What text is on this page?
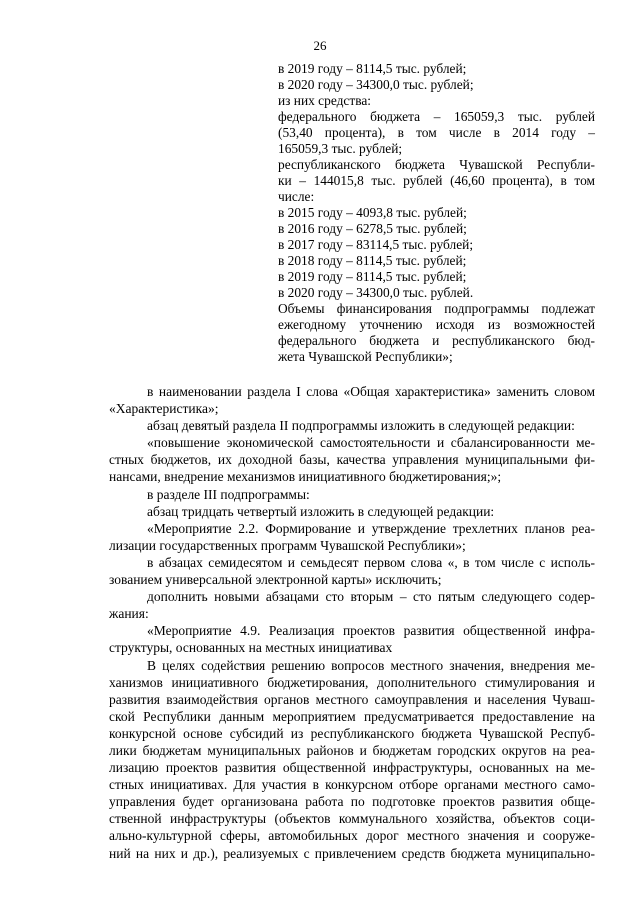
26
в 2019 году – 8114,5 тыс. рублей;
в 2020 году – 34300,0 тыс. рублей;
из них средства:
федерального бюджета – 165059,3 тыс. рублей
(53,40 процента), в том числе в 2014 году –
165059,3 тыс. рублей;
республиканского бюджета Чувашской Республи-
ки – 144015,8 тыс. рублей (46,60 процента), в том
числе:
в 2015 году – 4093,8 тыс. рублей;
в 2016 году – 6278,5 тыс. рублей;
в 2017 году – 83114,5 тыс. рублей;
в 2018 году – 8114,5 тыс. рублей;
в 2019 году – 8114,5 тыс. рублей;
в 2020 году – 34300,0 тыс. рублей.
Объемы финансирования подпрограммы подлежат
ежегодному уточнению исходя из возможностей
федерального бюджета и республиканского бюд-
жета Чувашской Республики»;
в наименовании раздела I слова «Общая характеристика» заменить словом
«Характеристика»;
абзац девятый раздела II подпрограммы изложить в следующей редакции:
«повышение экономической самостоятельности и сбалансированности ме-
стных бюджетов, их доходной базы, качества управления муниципальными фи-
нансами, внедрение механизмов инициативного бюджетирования;»;
в разделе III подпрограммы:
абзац тридцать четвертый изложить в следующей редакции:
«Мероприятие 2.2. Формирование и утверждение трехлетних планов реа-
лизации государственных программ Чувашской Республики»;
в абзацах семидесятом и семьдесят первом слова «, в том числе с исполь-
зованием универсальной электронной карты» исключить;
дополнить новыми абзацами сто вторым – сто пятым следующего содер-
жания:
«Мероприятие 4.9. Реализация проектов развития общественной инфра-
структуры, основанных на местных инициативах
В целях содействия решению вопросов местного значения, внедрения ме-
ханизмов инициативного бюджетирования, дополнительного стимулирования и
развития взаимодействия органов местного самоуправления и населения Чуваш-
ской Республики данным мероприятием предусматривается предоставление на
конкурсной основе субсидий из республиканского бюджета Чувашской Респуб-
лики бюджетам муниципальных районов и бюджетам городских округов на реа-
лизацию проектов развития общественной инфраструктуры, основанных на ме-
стных инициативах. Для участия в конкурсном отборе органами местного само-
управления будет организована работа по подготовке проектов развития обще-
ственной инфраструктуры (объектов коммунального хозяйства, объектов соци-
ально-культурной сферы, автомобильных дорог местного значения и сооруже-
ний на них и др.), реализуемых с привлечением средств бюджета муниципально-
